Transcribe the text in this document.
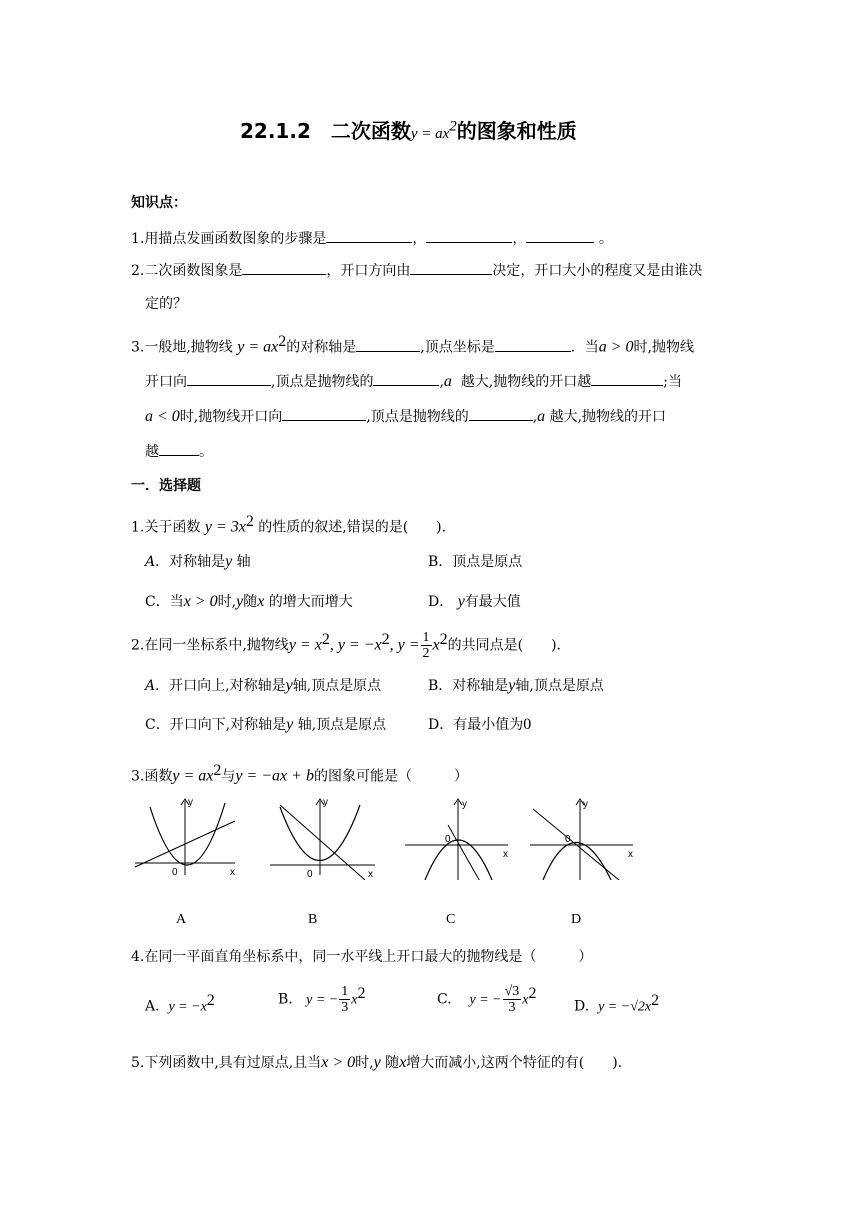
22.1.2　二次函数$y = ax^2$的图象和性质
知识点：
1.用描点发画函数图象的步骤是	，	，	。
2.二次函数图象是	，开口方向由	决定，开口大小的程度又是由谁决
定的？
3.一般地,抛物线 $y = ax^2$的对称轴是	,顶点坐标是	．当a > 0时,抛物线
开口向	,顶点是抛物线的	,a 越大,抛物线的开口越	;当
a < 0时,抛物线开口向	,顶点是抛物线的	,a 越大,抛物线的开口
越	。
一．选择题
1.关于函数 $y = 3x^2$ 的性质的叙述,错误的是(　　).
A．对称轴是y 轴	B．顶点是原点
C．当x > 0时,y随x 的增大而增大	D． y有最大值
2.在同一坐标系中,抛物线$y = x^2$, $y = -x^2$, $y = \frac{1}{2} x^2$的共同点是(　　).
A．开口向上,对称轴是y轴,顶点是原点	B．对称轴是y轴,顶点是原点
C．开口向下,对称轴是y 轴,顶点是原点	D．有最小值为0
3.函数$y = ax^2$与y = −ax + b的图象可能是（　　　）
y
x
0
A
y
x
0
B
y
x
0
C
y
x
0
D
4.在同一平面直角坐标系中，同一水平线上开口最大的抛物线是（　　　）
A. $y = -x^2$	B. y = − $\frac{1}{3} x^2$	C. y = − $\frac{√3}{3} x^2$
D. $y = -√2x^2$
5.下列函数中,具有过原点,且当x > 0时,y 随x增大而减小,这两个特征的有(　　).
